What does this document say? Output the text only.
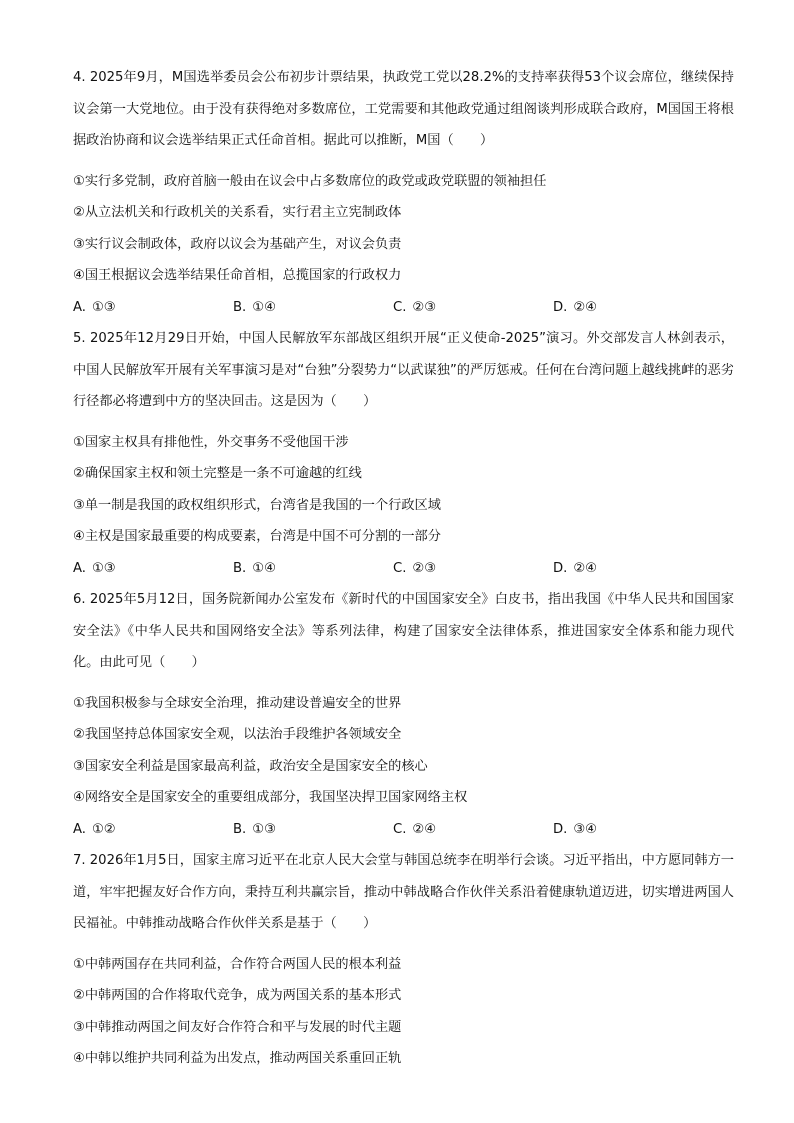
4. 2025年9月，M国选举委员会公布初步计票结果，执政党工党以28.2%的支持率获得53个议会席位，继续保持议会第一大党地位。由于没有获得绝对多数席位，工党需要和其他政党通过组阁谈判形成联合政府，M国国王将根据政治协商和议会选举结果正式任命首相。据此可以推断，M国（　　）

①实行多党制，政府首脑一般由在议会中占多数席位的政党或政党联盟的领袖担任

②从立法机关和行政机关的关系看，实行君主立宪制政体

③实行议会制政体，政府以议会为基础产生，对议会负责

④国王根据议会选举结果任命首相，总揽国家的行政权力

A. ①③	B. ①④	C. ②③	D. ②④

5. 2025年12月29日开始，中国人民解放军东部战区组织开展“正义使命-2025”演习。外交部发言人林剑表示，中国人民解放军开展有关军事演习是对“台独”分裂势力“以武谋独”的严厉惩戒。任何在台湾问题上越线挑衅的恶劣行径都必将遭到中方的坚决回击。这是因为（　　）

①国家主权具有排他性，外交事务不受他国干涉

②确保国家主权和领土完整是一条不可逾越的红线

③单一制是我国的政权组织形式，台湾省是我国的一个行政区域

④主权是国家最重要的构成要素，台湾是中国不可分割的一部分

A. ①③	B. ①④	C. ②③	D. ②④

6. 2025年5月12日，国务院新闻办公室发布《新时代的中国国家安全》白皮书，指出我国《中华人民共和国国家安全法》《中华人民共和国网络安全法》等系列法律，构建了国家安全法律体系，推进国家安全体系和能力现代化。由此可见（　　）

①我国积极参与全球安全治理，推动建设普遍安全的世界

②我国坚持总体国家安全观，以法治手段维护各领域安全

③国家安全利益是国家最高利益，政治安全是国家安全的核心

④网络安全是国家安全的重要组成部分，我国坚决捍卫国家网络主权

A. ①②	B. ①③	C. ②④	D. ③④

7. 2026年1月5日，国家主席习近平在北京人民大会堂与韩国总统李在明举行会谈。习近平指出，中方愿同韩方一道，牢牢把握友好合作方向，秉持互利共赢宗旨，推动中韩战略合作伙伴关系沿着健康轨道迈进，切实增进两国人民福祉。中韩推动战略合作伙伴关系是基于（　　）

①中韩两国存在共同利益，合作符合两国人民的根本利益

②中韩两国的合作将取代竞争，成为两国关系的基本形式

③中韩推动两国之间友好合作符合和平与发展的时代主题

④中韩以维护共同利益为出发点，推动两国关系重回正轨
